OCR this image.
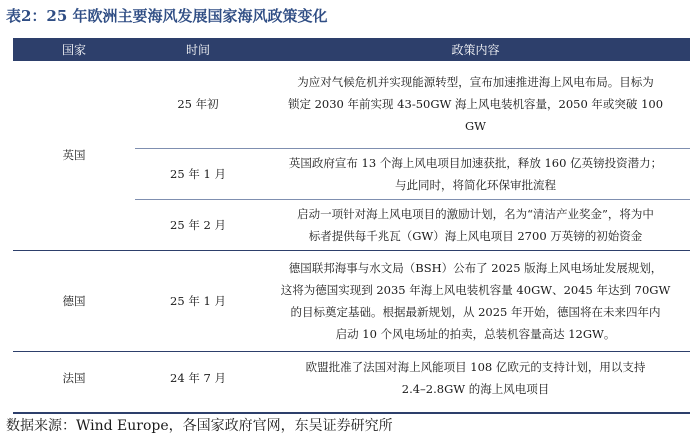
表2：25 年欧洲主要海风发展国家海风政策变化
国家	时间	政策内容
英国	25 年初	为应对气候危机并实现能源转型，宣布加速推进海上风电布局。目标为
锁定 2030 年前实现 43-50GW 海上风电装机容量，2050 年或突破 100
GW

	25 年 1 月	英国政府宣布 13 个海上风电项目加速获批，释放 160 亿英镑投资潜力；
与此同时，将简化环保审批流程

	25 年 2 月	启动一项针对海上风电项目的激励计划，名为“清洁产业奖金”，将为中
标者提供每千兆瓦（GW）海上风电项目 2700 万英镑的初始资金

德国	25 年 1 月	德国联邦海事与水文局（BSH）公布了 2025 版海上风电场址发展规划，
这将为德国实现到 2035 年海上风电装机容量 40GW、2045 年达到 70GW
的目标奠定基础。根据最新规划，从 2025 年开始，德国将在未来四年内
启动 10 个风电场址的拍卖，总装机容量高达 12GW。

法国	24 年 7 月	欧盟批准了法国对海上风能项目 108 亿欧元的支持计划，用以支持
2.4–2.8GW 的海上风电项目
数据来源：Wind Europe，各国家政府官网，东吴证券研究所
